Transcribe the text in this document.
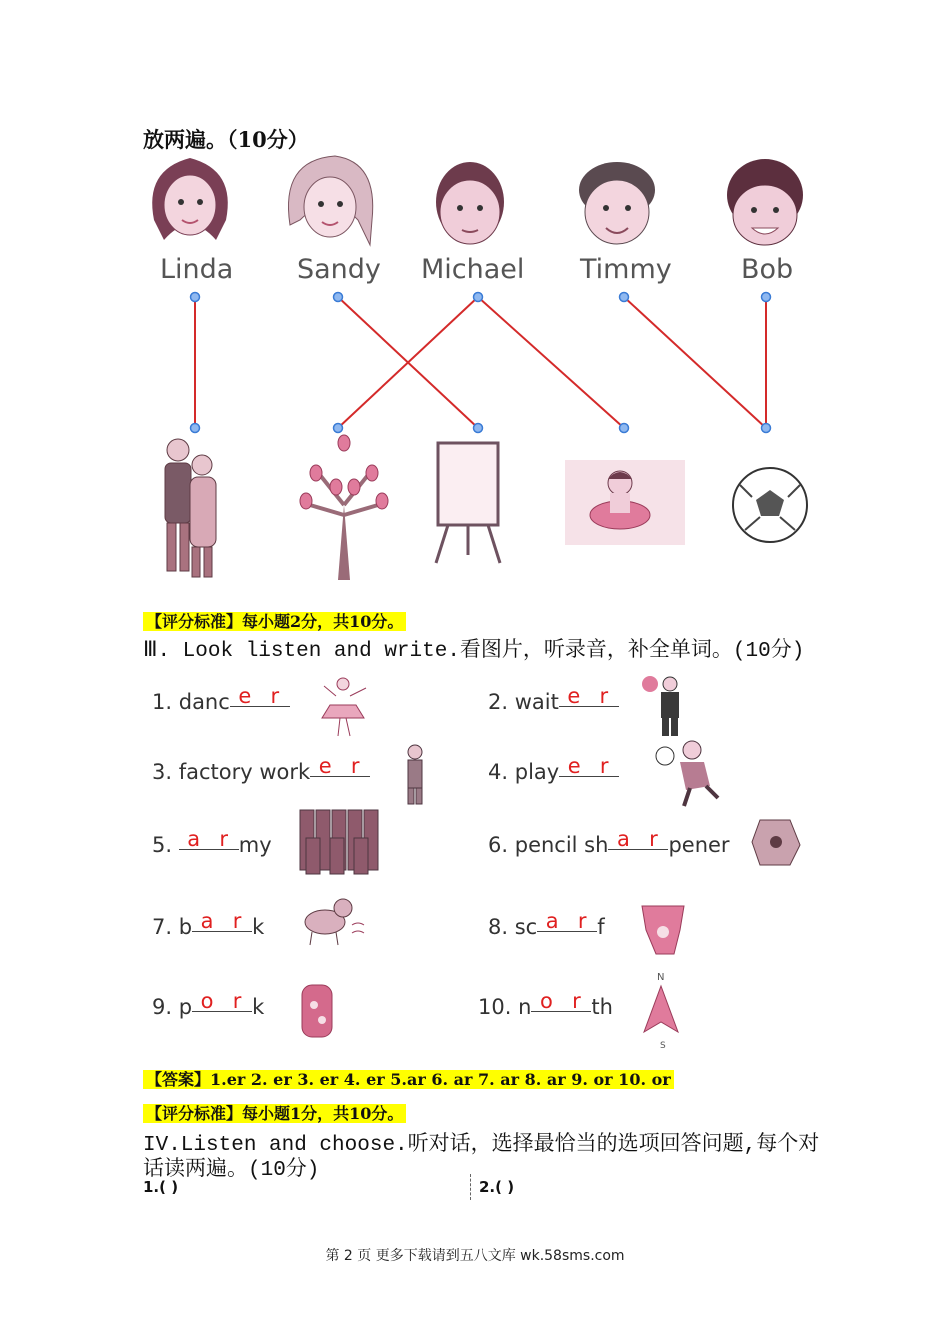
放两遍。（10分）
Linda Sandy Michael Timmy	Bob
【评分标准】每小题2分，共10分。
Ⅲ. Look listen and write.看图片，听录音，补全单词。(10分)
1. danc e r	2. wait e r
3. factory work e r	4. play e r
5. a r my	6. pencil sh a r pener
7. b a r k	8. sc a r f
9. p o r k	10. n o r th
N
S
【答案】1.er 2. er 3. er 4. er 5.ar 6. ar 7. ar 8. ar 9. or 10. or
【评分标准】每小题1分，共10分。
IV.Listen and choose.听对话，选择最恰当的选项回答问题,每个对
话读两遍。(10分)
1.( )	2.( )
第 2 页 更多下载请到五八文库 wk.58sms.com
